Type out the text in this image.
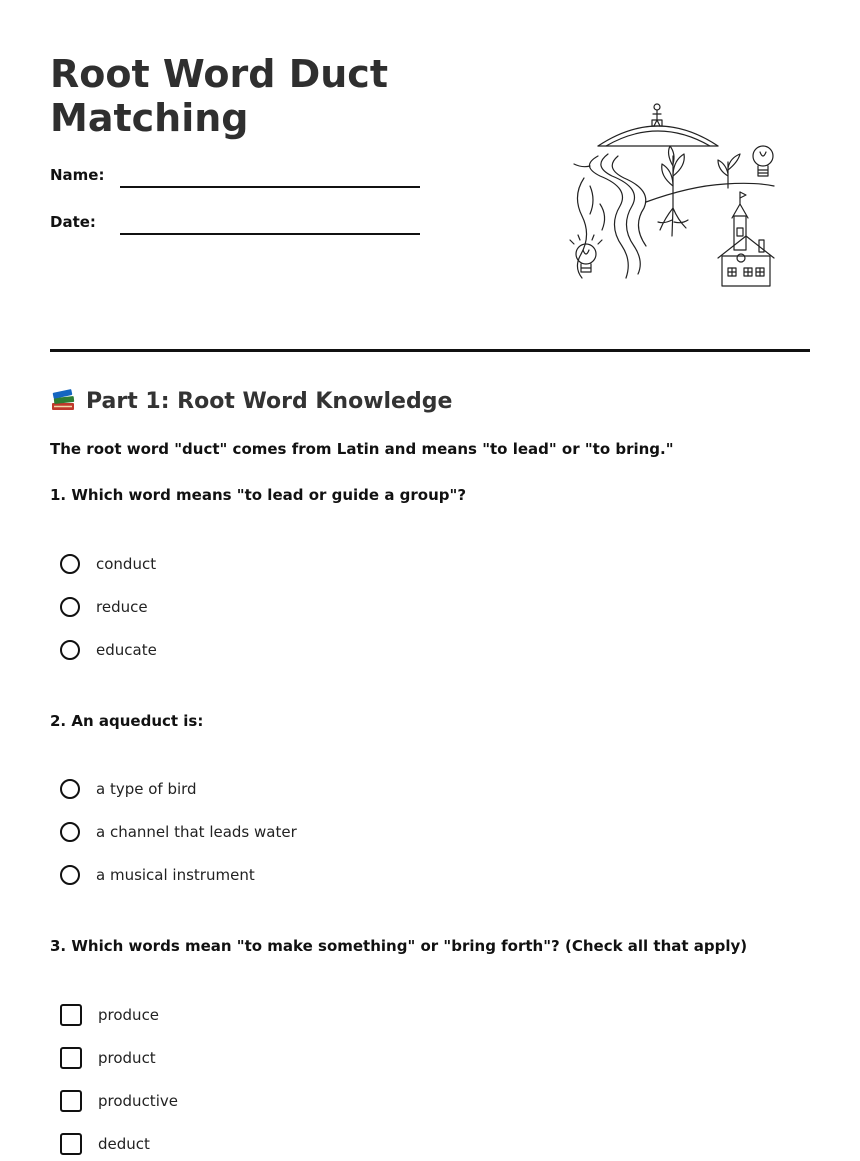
Root Word Duct Matching
Name:
Date:
Part 1: Root Word Knowledge
The root word "duct" comes from Latin and means "to lead" or "to bring."
1. Which word means "to lead or guide a group"?
conduct
reduce
educate
2. An aqueduct is:
a type of bird
a channel that leads water
a musical instrument
3. Which words mean "to make something" or "bring forth"? (Check all that apply)
produce
product
productive
deduct
